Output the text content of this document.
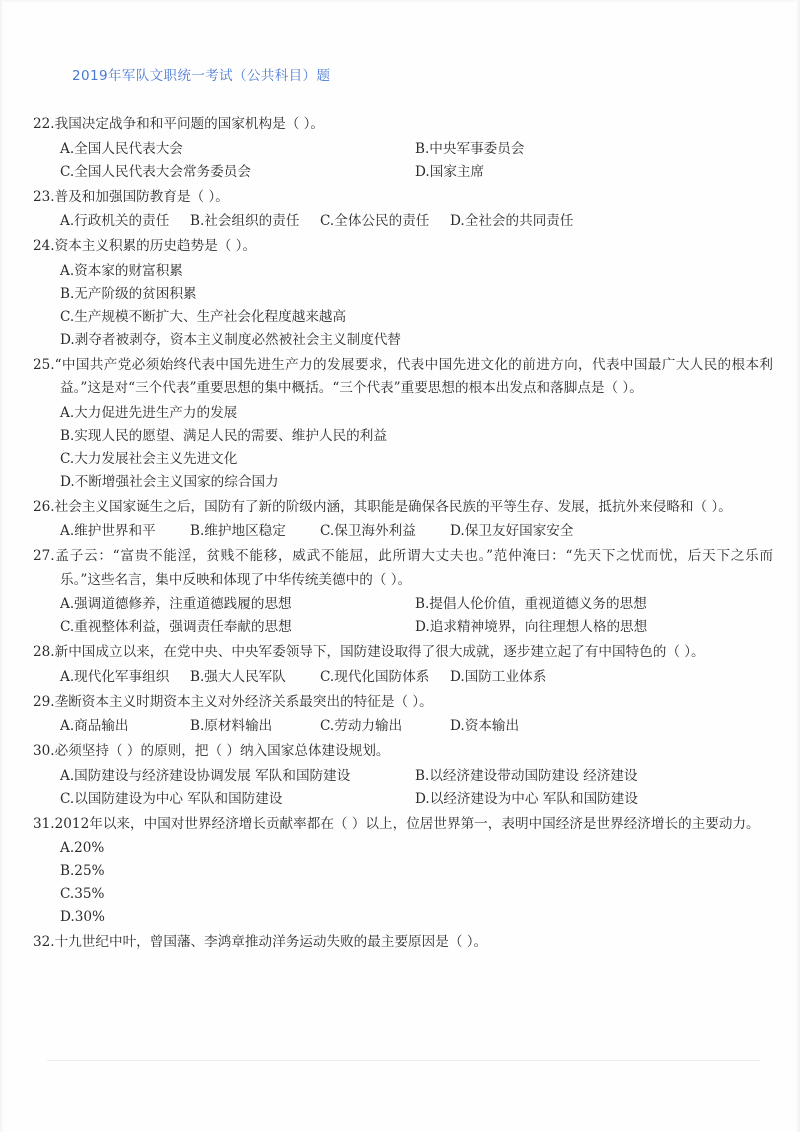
2019年军队文职统一考试（公共科目）题
22.我国决定战争和和平问题的国家机构是（ ）。
A.全国人民代表大会	B.中央军事委员会
C.全国人民代表大会常务委员会	D.国家主席
23.普及和加强国防教育是（ ）。
A.行政机关的责任	B.社会组织的责任	C.全体公民的责任	D.全社会的共同责任
24.资本主义积累的历史趋势是（ ）。
A.资本家的财富积累
B.无产阶级的贫困积累
C.生产规模不断扩大、生产社会化程度越来越高
D.剥夺者被剥夺，资本主义制度必然被社会主义制度代替
25.“中国共产党必须始终代表中国先进生产力的发展要求，代表中国先进文化的前进方向，代表中国最广大人民的根本利益。”这是对“三个代表”重要思想的集中概括。“三个代表”重要思想的根本出发点和落脚点是（ ）。
A.大力促进先进生产力的发展
B.实现人民的愿望、满足人民的需要、维护人民的利益
C.大力发展社会主义先进文化
D.不断增强社会主义国家的综合国力
26.社会主义国家诞生之后，国防有了新的阶级内涵，其职能是确保各民族的平等生存、发展，抵抗外来侵略和（ ）。
A.维护世界和平	B.维护地区稳定	C.保卫海外利益	D.保卫友好国家安全
27.孟子云：“富贵不能淫，贫贱不能移，威武不能屈，此所谓大丈夫也。”范仲淹曰：“先天下之忧而忧，后天下之乐而乐。”这些名言，集中反映和体现了中华传统美德中的（ ）。
A.强调道德修养，注重道德践履的思想	B.提倡人伦价值，重视道德义务的思想
C.重视整体利益，强调责任奉献的思想	D.追求精神境界，向往理想人格的思想
28.新中国成立以来，在党中央、中央军委领导下，国防建设取得了很大成就，逐步建立起了有中国特色的（ ）。
A.现代化军事组织	B.强大人民军队	C.现代化国防体系	D.国防工业体系
29.垄断资本主义时期资本主义对外经济关系最突出的特征是（ ）。
A.商品输出	B.原材料输出	C.劳动力输出	D.资本输出
30.必须坚持（ ）的原则，把（ ）纳入国家总体建设规划。
A.国防建设与经济建设协调发展 军队和国防建设	B.以经济建设带动国防建设 经济建设
C.以国防建设为中心 军队和国防建设	D.以经济建设为中心 军队和国防建设
31.2012年以来，中国对世界经济增长贡献率都在（ ）以上，位居世界第一，表明中国经济是世界经济增长的主要动力。
A.20%
B.25%
C.35%
D.30%
32.十九世纪中叶，曾国藩、李鸿章推动洋务运动失败的最主要原因是（ ）。
